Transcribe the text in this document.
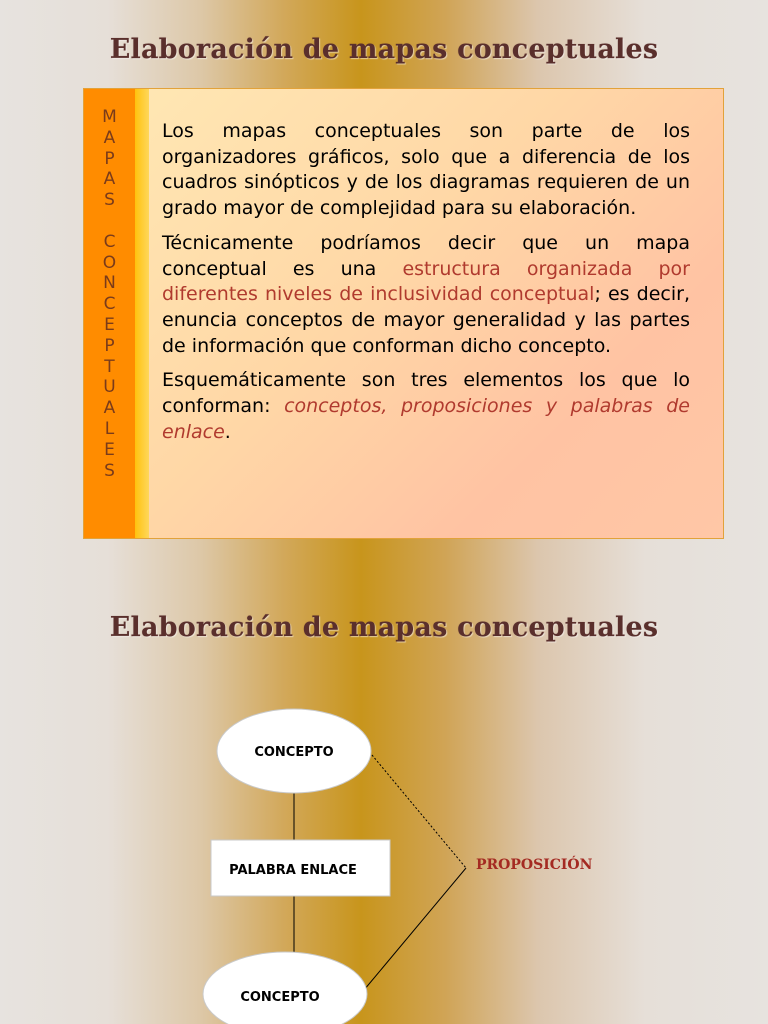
Elaboración de mapas conceptuales
M
A
P
A
S

C
O
N
C
E
P
T
U
A
L
E
S

Los mapas conceptuales son parte de los organizadores gráficos, solo que a diferencia de los cuadros sinópticos y de los diagramas requieren de un grado mayor de complejidad para su elaboración.

Técnicamente podríamos decir que un mapa conceptual es una estructura organizada por diferentes niveles de inclusividad conceptual; es decir, enuncia conceptos de mayor generalidad y las partes de información que conforman dicho concepto.

Esquemáticamente son tres elementos los que lo conforman: conceptos, proposiciones y palabras de enlace.

Elaboración de mapas conceptuales
CONCEPTO
PALABRA ENLACE
CONCEPTO
PROPOSICIÓN
